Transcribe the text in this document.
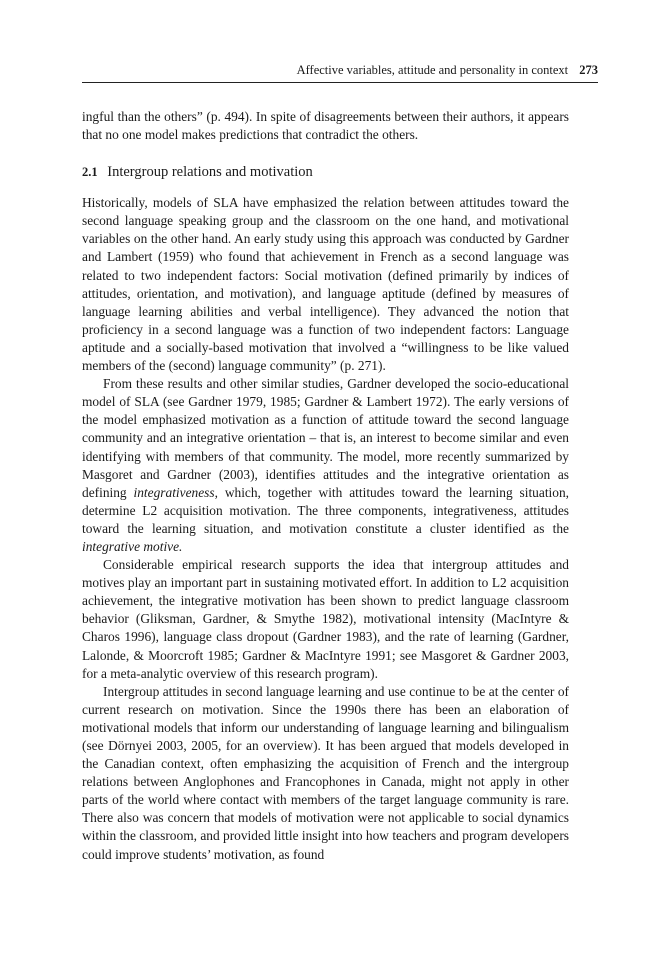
Affective variables, attitude and personality in context 273

ingful than the others” (p. 494). In spite of disagreements between their authors, it appears that no one model makes predictions that contradict the others.

2.1 Intergroup relations and motivation

Historically, models of SLA have emphasized the relation between attitudes toward the second language speaking group and the classroom on the one hand, and motivational variables on the other hand. An early study using this approach was conducted by Gardner and Lambert (1959) who found that achievement in French as a second language was related to two independent factors: Social motivation (defined primarily by indices of attitudes, orientation, and motivation), and language aptitude (defined by measures of language learning abilities and verbal intelligence). They advanced the notion that proficiency in a second language was a function of two independent factors: Language aptitude and a socially-based motivation that involved a “willingness to be like valued members of the (second) language community” (p. 271).

From these results and other similar studies, Gardner developed the socio-educational model of SLA (see Gardner 1979, 1985; Gardner & Lambert 1972). The early versions of the model emphasized motivation as a function of attitude toward the second language community and an integrative orientation – that is, an interest to become similar and even identifying with members of that community. The model, more recently summarized by Masgoret and Gardner (2003), identifies attitudes and the integrative orientation as defining integrativeness, which, together with attitudes toward the learning situation, determine L2 acquisition motivation. The three components, integrativeness, attitudes toward the learning situation, and motivation constitute a cluster identified as the integrative motive.

Considerable empirical research supports the idea that intergroup attitudes and motives play an important part in sustaining motivated effort. In addition to L2 acquisition achievement, the integrative motivation has been shown to predict language classroom behavior (Gliksman, Gardner, & Smythe 1982), motivational intensity (MacIntyre & Charos 1996), language class dropout (Gardner 1983), and the rate of learning (Gardner, Lalonde, & Moorcroft 1985; Gardner & MacIntyre 1991; see Masgoret & Gardner 2003, for a meta-analytic overview of this research program).

Intergroup attitudes in second language learning and use continue to be at the center of current research on motivation. Since the 1990s there has been an elaboration of motivational models that inform our understanding of language learning and bilingualism (see Dörnyei 2003, 2005, for an overview). It has been argued that models developed in the Canadian context, often emphasizing the acquisition of French and the intergroup relations between Anglophones and Francophones in Canada, might not apply in other parts of the world where contact with members of the target language community is rare. There also was concern that models of motivation were not applicable to social dynamics within the classroom, and provided little insight into how teachers and program developers could improve students’ motivation, as found
